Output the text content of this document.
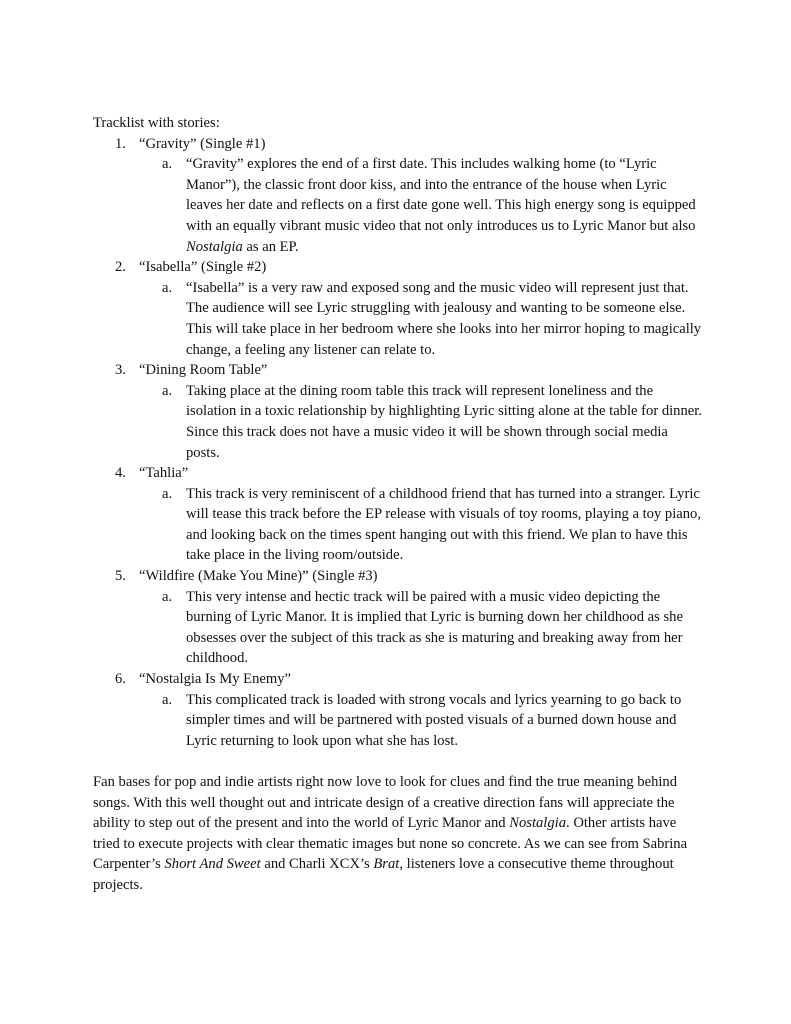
Tracklist with stories:

1. “Gravity” (Single #1)
a. “Gravity” explores the end of a first date. This includes walking home (to “Lyric Manor”), the classic front door kiss, and into the entrance of the house when Lyric leaves her date and reflects on a first date gone well. This high energy song is equipped with an equally vibrant music video that not only introduces us to Lyric Manor but also Nostalgia as an EP.
2. “Isabella” (Single #2)
a. “Isabella” is a very raw and exposed song and the music video will represent just that. The audience will see Lyric struggling with jealousy and wanting to be someone else. This will take place in her bedroom where she looks into her mirror hoping to magically change, a feeling any listener can relate to.
3. “Dining Room Table”
a. Taking place at the dining room table this track will represent loneliness and the isolation in a toxic relationship by highlighting Lyric sitting alone at the table for dinner. Since this track does not have a music video it will be shown through social media posts.
4. “Tahlia”
a. This track is very reminiscent of a childhood friend that has turned into a stranger. Lyric will tease this track before the EP release with visuals of toy rooms, playing a toy piano, and looking back on the times spent hanging out with this friend. We plan to have this take place in the living room/outside.
5. “Wildfire (Make You Mine)” (Single #3)
a. This very intense and hectic track will be paired with a music video depicting the burning of Lyric Manor. It is implied that Lyric is burning down her childhood as she obsesses over the subject of this track as she is maturing and breaking away from her childhood.
6. “Nostalgia Is My Enemy”
a. This complicated track is loaded with strong vocals and lyrics yearning to go back to simpler times and will be partnered with posted visuals of a burned down house and Lyric returning to look upon what she has lost.

Fan bases for pop and indie artists right now love to look for clues and find the true meaning behind songs. With this well thought out and intricate design of a creative direction fans will appreciate the ability to step out of the present and into the world of Lyric Manor and Nostalgia. Other artists have tried to execute projects with clear thematic images but none so concrete. As we can see from Sabrina Carpenter’s Short And Sweet and Charli XCX’s Brat, listeners love a consecutive theme throughout projects.
